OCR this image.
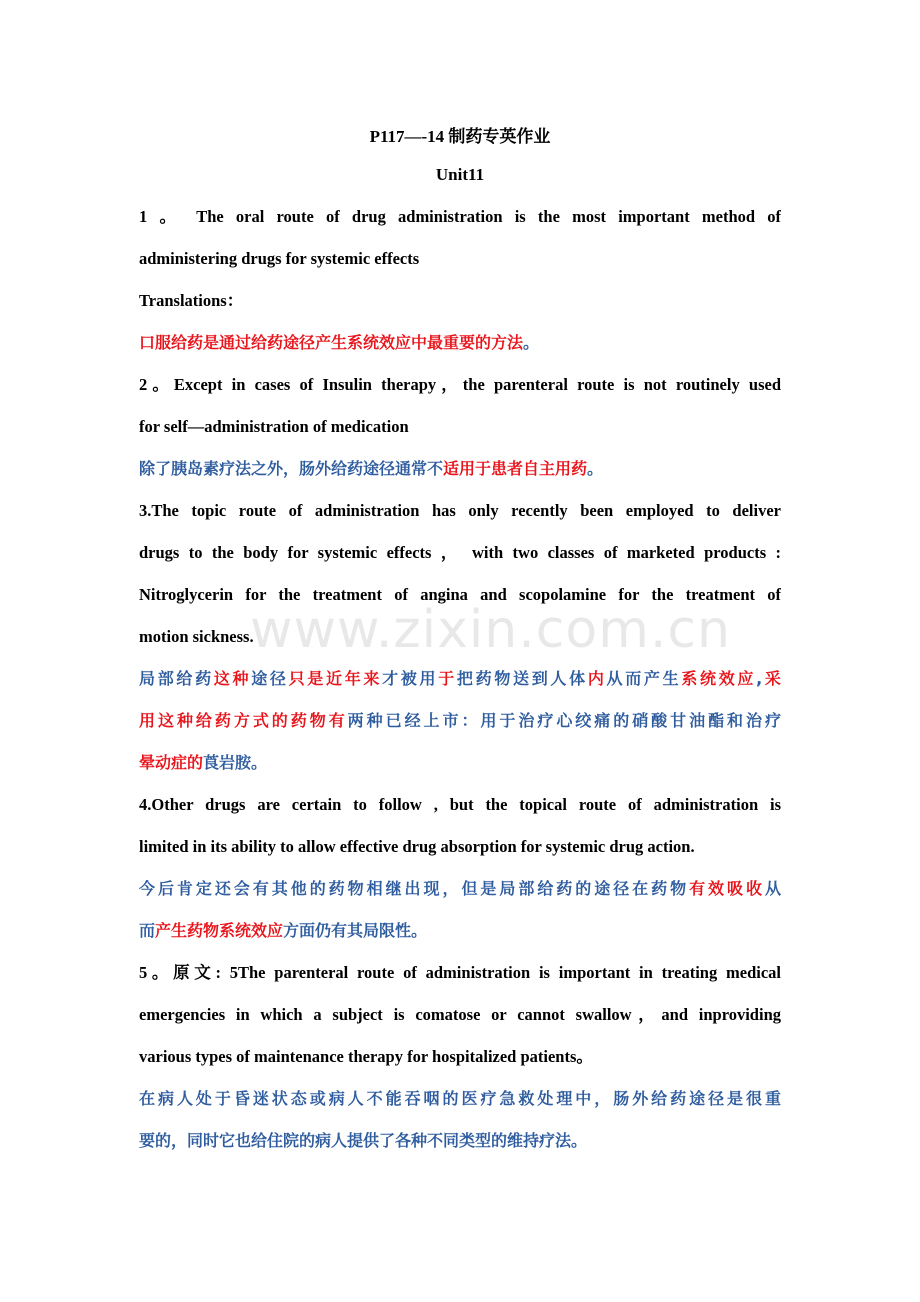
www.zixin.com.cn
P117—-14 制药专英作业
Unit11
1 。 The oral route of drug administration is the most important method of
administering drugs for systemic effects
Translations：
口服给药是通过给药途径产生系统效应中最重要的方法。
2。Except in cases of Insulin therapy，the parenteral route is not routinely used
for self—administration of medication
除了胰岛素疗法之外，肠外给药途径通常不适用于患者自主用药。
3.The topic route of administration has only recently been employed to deliver
drugs to the body for systemic effects ， with two classes of marketed products :
Nitroglycerin for the treatment of angina and scopolamine for the treatment of
motion sickness.
局部给药这种途径只是近年来才被用于把药物送到人体内从而产生系统效应,采
用这种给药方式的药物有两种已经上市：用于治疗心绞痛的硝酸甘油酯和治疗
晕动症的莨岩胺。
4.Other drugs are certain to follow , but the topical route of administration is
limited in its ability to allow effective drug absorption for systemic drug action.
今后肯定还会有其他的药物相继出现，但是局部给药的途径在药物有效吸收从
而产生药物系统效应方面仍有其局限性。
5。原文: 5The parenteral route of administration is important in treating medical
emergencies in which a subject is comatose or cannot swallow，and inproviding
various types of maintenance therapy for hospitalized patients。
在病人处于昏迷状态或病人不能吞咽的医疗急救处理中，肠外给药途径是很重
要的，同时它也给住院的病人提供了各种不同类型的维持疗法。
